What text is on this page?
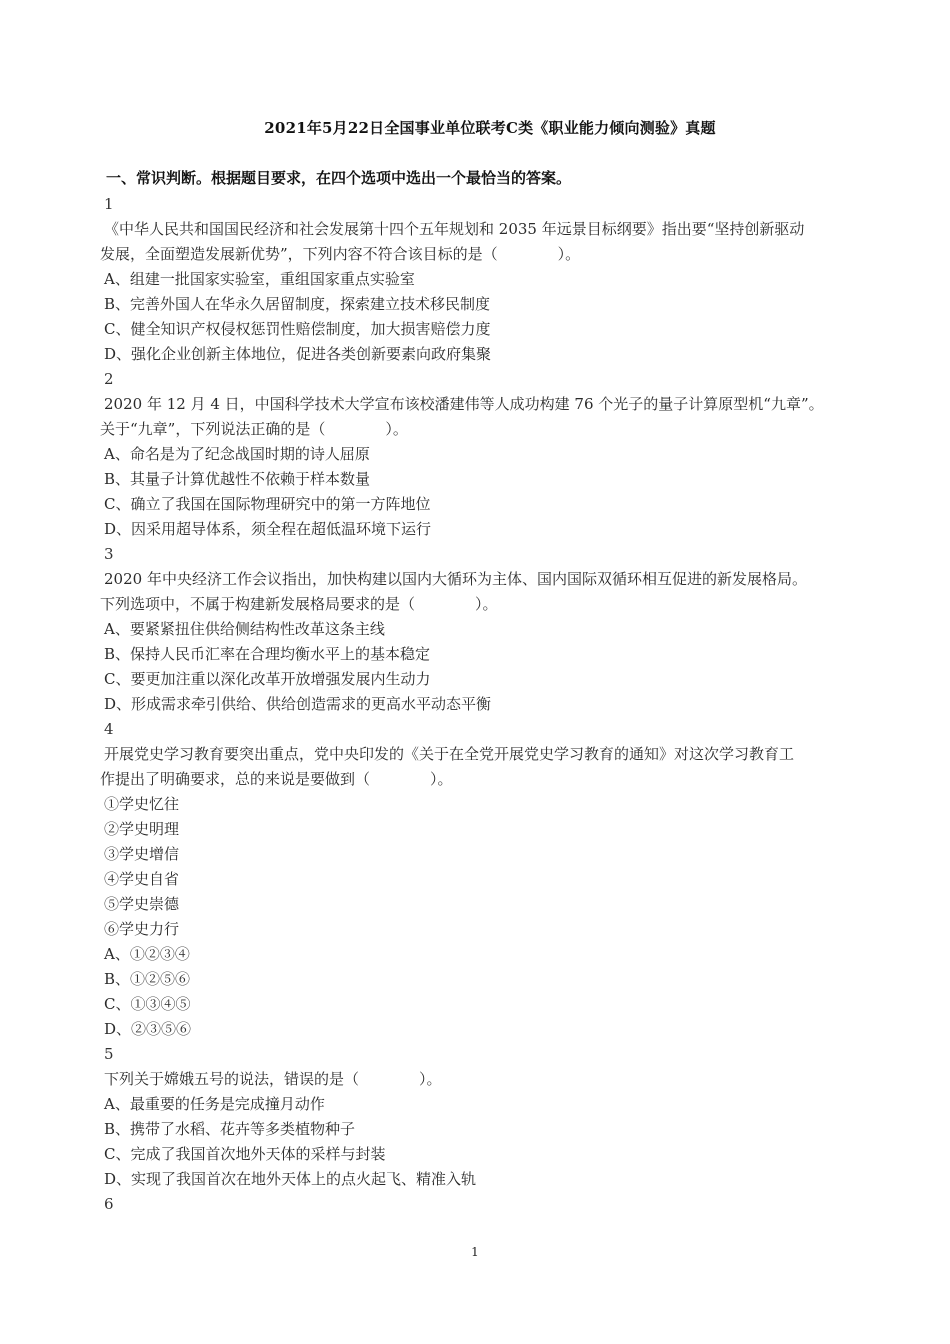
2021年5月22日全国事业单位联考C类《职业能力倾向测验》真题
一、常识判断。根据题目要求，在四个选项中选出一个最恰当的答案。
1
《中华人民共和国国民经济和社会发展第十四个五年规划和 2035 年远景目标纲要》指出要“坚持创新驱动
发展，全面塑造发展新优势”，下列内容不符合该目标的是（　　　　）。
A、组建一批国家实验室，重组国家重点实验室
B、完善外国人在华永久居留制度，探索建立技术移民制度
C、健全知识产权侵权惩罚性赔偿制度，加大损害赔偿力度
D、强化企业创新主体地位，促进各类创新要素向政府集聚
2
2020 年 12 月 4 日，中国科学技术大学宣布该校潘建伟等人成功构建 76 个光子的量子计算原型机“九章”。
关于“九章”，下列说法正确的是（　　　　）。
A、命名是为了纪念战国时期的诗人屈原
B、其量子计算优越性不依赖于样本数量
C、确立了我国在国际物理研究中的第一方阵地位
D、因采用超导体系，须全程在超低温环境下运行
3
2020 年中央经济工作会议指出，加快构建以国内大循环为主体、国内国际双循环相互促进的新发展格局。
下列选项中，不属于构建新发展格局要求的是（　　　　）。
A、要紧紧扭住供给侧结构性改革这条主线
B、保持人民币汇率在合理均衡水平上的基本稳定
C、要更加注重以深化改革开放增强发展内生动力
D、形成需求牵引供给、供给创造需求的更高水平动态平衡
4
开展党史学习教育要突出重点，党中央印发的《关于在全党开展党史学习教育的通知》对这次学习教育工
作提出了明确要求，总的来说是要做到（　　　　）。
①学史忆往
②学史明理
③学史增信
④学史自省
⑤学史崇德
⑥学史力行
A、①②③④
B、①②⑤⑥
C、①③④⑤
D、②③⑤⑥
5
下列关于嫦娥五号的说法，错误的是（　　　　）。
A、最重要的任务是完成撞月动作
B、携带了水稻、花卉等多类植物种子
C、完成了我国首次地外天体的采样与封装
D、实现了我国首次在地外天体上的点火起飞、精准入轨
6
1
